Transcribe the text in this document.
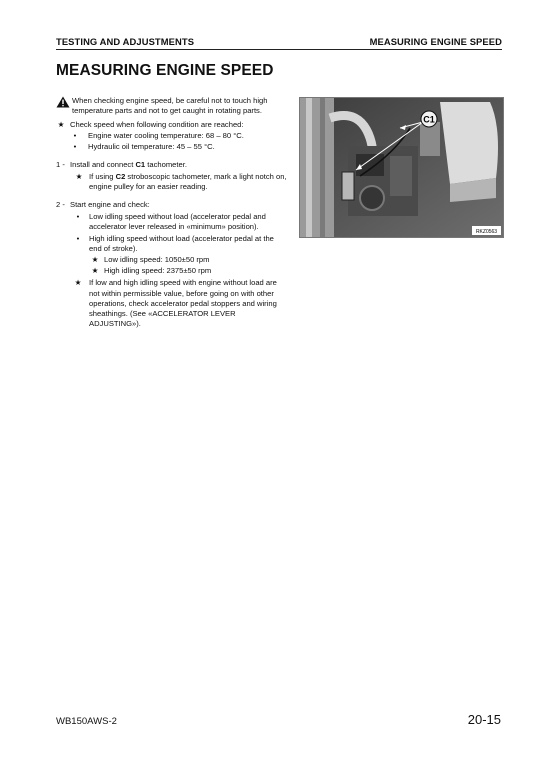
TESTING AND ADJUSTMENTS	MEASURING ENGINE SPEED
MEASURING ENGINE SPEED
When checking engine speed, be careful not to touch high temperature parts and not to get caught in rotating parts.
★ Check speed when following condition are reached:
•	Engine water cooling temperature: 68 – 80 °C.
•	Hydraulic oil temperature: 45 – 55 °C.
1 - Install and connect C1 tachometer.
★ If using C2 stroboscopic tachometer, mark a light notch on, engine pulley for an easier reading.
2 - Start engine and check:
•	Low idling speed without load (accelerator pedal and accelerator lever released in «minimum» position).
•	High idling speed without load (accelerator pedal at the end of stroke).
★ Low idling speed: 1050±50 rpm
★ High idling speed: 2375±50 rpm
★ If low and high idling speed with engine without load are not within permissible value, before going on with other operations, check accelerator pedal stoppers and wiring sheathings. (See «ACCELERATOR LEVER ADJUSTING»).
C1
RKZ0563
WB150AWS-2	20-15
